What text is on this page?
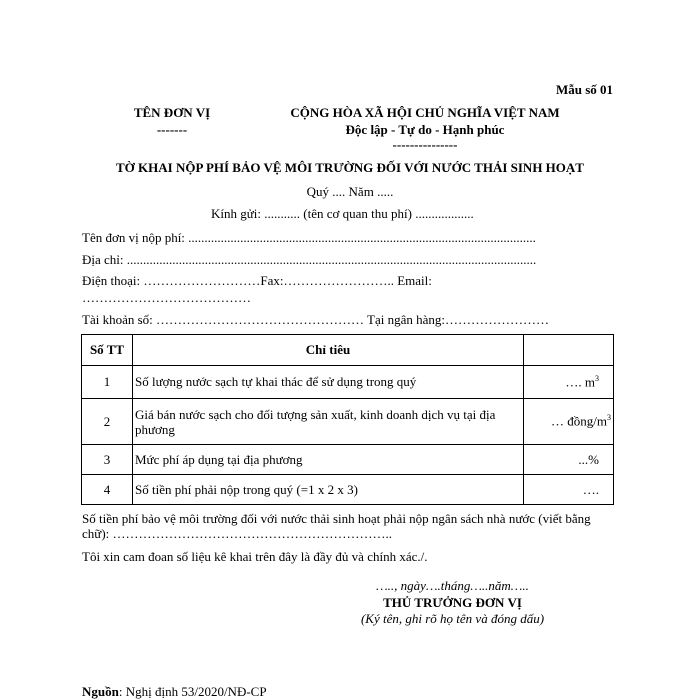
Mẫu số 01
TÊN ĐƠN VỊ
-------
CỘNG HÒA XÃ HỘI CHỦ NGHĨA VIỆT NAM
Độc lập - Tự do - Hạnh phúc
---------------
TỜ KHAI NỘP PHÍ BẢO VỆ MÔI TRƯỜNG ĐỐI VỚI NƯỚC THẢI SINH HOẠT
Quý .... Năm .....
Kính gửi: ........... (tên cơ quan thu phí) ..................
Tên đơn vị nộp phí: ...........................................................................................................
Địa chỉ: ..............................................................................................................................
Điện thoại: ………………………Fax:…………………….. Email:
…………………………………
Tài khoản số: ………………………………………… Tại ngân hàng:……………………
Số TT	Chỉ tiêu	
1	Số lượng nước sạch tự khai thác để sử dụng trong quý	…. $m^3$
2	Giá bán nước sạch cho đối tượng sản xuất, kinh doanh dịch vụ tại địa phương	… đồng/$m^3$
3	Mức phí áp dụng tại địa phương	...%
4	Số tiền phí phải nộp trong quý (=1 x 2 x 3)	….
Số tiền phí bảo vệ môi trường đối với nước thải sinh hoạt phải nộp ngân sách nhà nước (viết bằng chữ): ………………………………………………………..
Tôi xin cam đoan số liệu kê khai trên đây là đầy đủ và chính xác./.
….., ngày….tháng…..năm…..
THỦ TRƯỞNG ĐƠN VỊ
(Ký tên, ghi rõ họ tên và đóng dấu)
Nguồn: Nghị định 53/2020/NĐ-CP
